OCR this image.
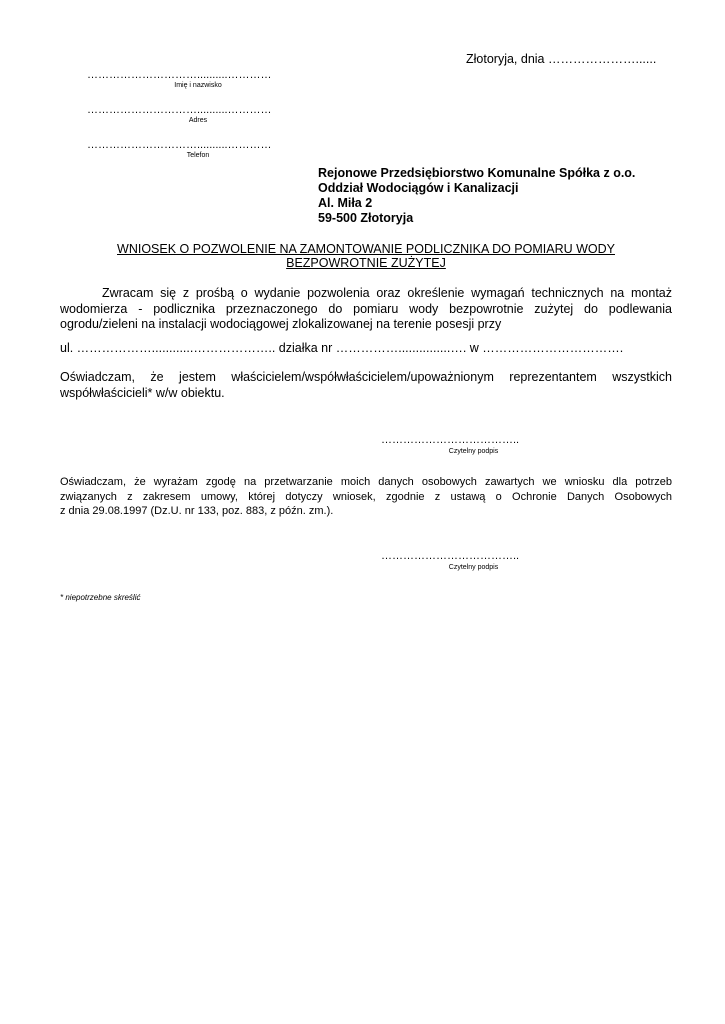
Złotoryja, dnia …………………......
…………………………..........…………
Imię i nazwisko
…………………………..........…………
Adres
…………………………..........…………
Telefon
Rejonowe Przedsiębiorstwo Komunalne Spółka z o.o.
Oddział Wodociągów i Kanalizacji
Al. Miła 2
59-500 Złotoryja
WNIOSEK O POZWOLENIE NA ZAMONTOWANIE PODLICZNIKA DO POMIARU WODY
BEZPOWROTNIE ZUŻYTEJ
Zwracam się z prośbą o wydanie pozwolenia oraz określenie wymagań technicznych na montaż
wodomierza - podlicznika przeznaczonego do pomiaru wody bezpowrotnie zużytej do podlewania
ogrodu/zieleni na instalacji wodociągowej zlokalizowanej na terenie posesji przy
ul. ………………............……………….. działka nr ……………...............…. w …………………………….
Oświadczam, że jestem właścicielem/współwłaścicielem/upoważnionym reprezentantem wszystkich
współwłaścicieli* w/w obiektu.
………………………………..
Czytelny podpis
Oświadczam, że wyrażam zgodę na przetwarzanie moich danych osobowych zawartych we wniosku dla potrzeb
związanych z zakresem umowy, której dotyczy wniosek, zgodnie z ustawą o Ochronie Danych Osobowych
z dnia 29.08.1997 (Dz.U. nr 133, poz. 883, z późn. zm.).
………………………………..
Czytelny podpis
* niepotrzebne skreślić
